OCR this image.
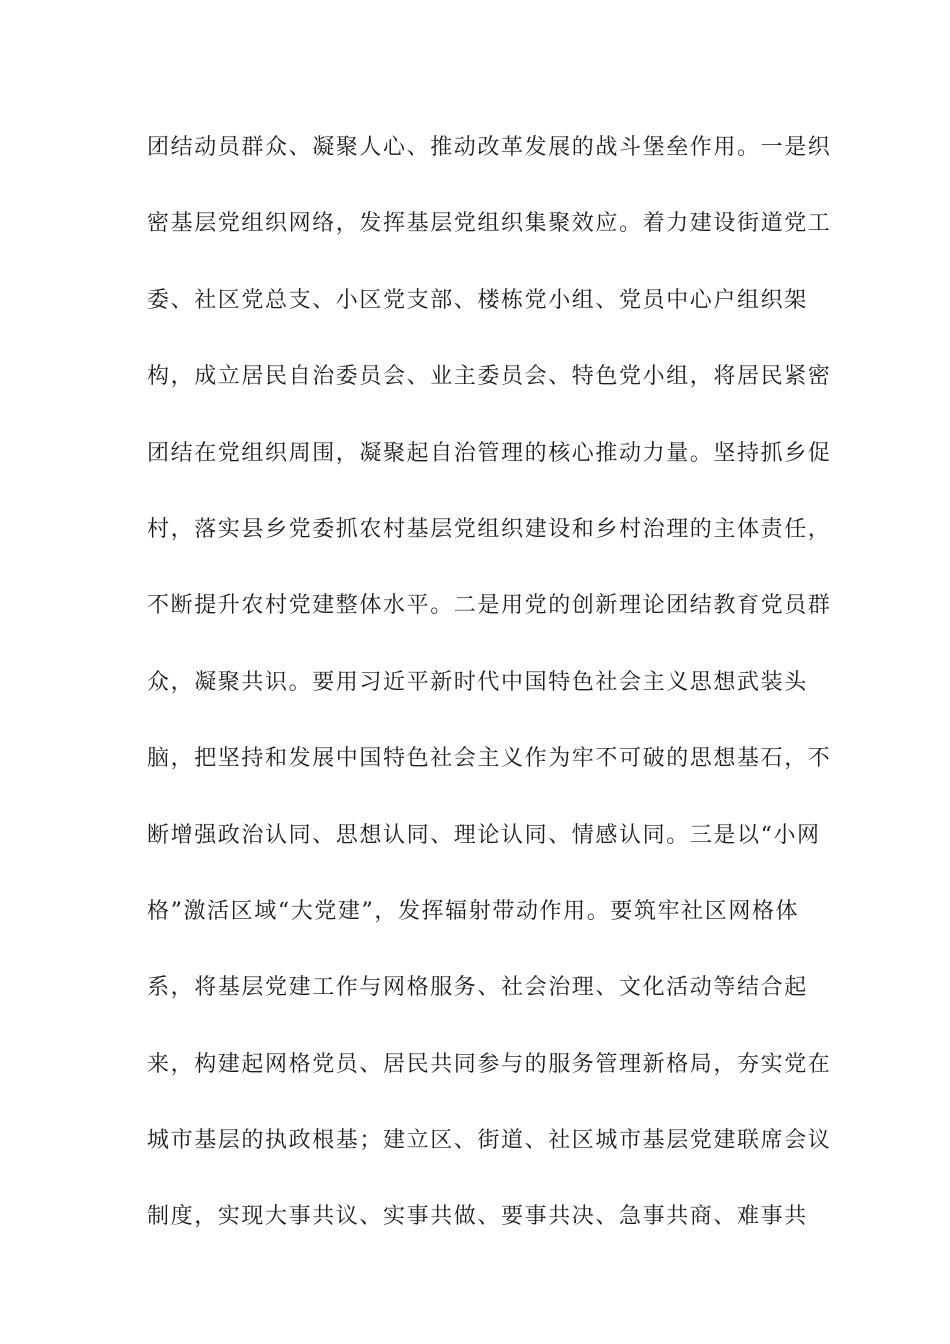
团结动员群众、凝聚人心、推动改革发展的战斗堡垒作用。一是织
密基层党组织网络，发挥基层党组织集聚效应。着力建设街道党工
委、社区党总支、小区党支部、楼栋党小组、党员中心户组织架
构，成立居民自治委员会、业主委员会、特色党小组，将居民紧密
团结在党组织周围，凝聚起自治管理的核心推动力量。坚持抓乡促
村，落实县乡党委抓农村基层党组织建设和乡村治理的主体责任，
不断提升农村党建整体水平。二是用党的创新理论团结教育党员群
众，凝聚共识。要用习近平新时代中国特色社会主义思想武装头
脑，把坚持和发展中国特色社会主义作为牢不可破的思想基石，不
断增强政治认同、思想认同、理论认同、情感认同。三是以“小网
格”激活区域“大党建”，发挥辐射带动作用。要筑牢社区网格体
系，将基层党建工作与网格服务、社会治理、文化活动等结合起
来，构建起网格党员、居民共同参与的服务管理新格局，夯实党在
城市基层的执政根基；建立区、街道、社区城市基层党建联席会议
制度，实现大事共议、实事共做、要事共决、急事共商、难事共
